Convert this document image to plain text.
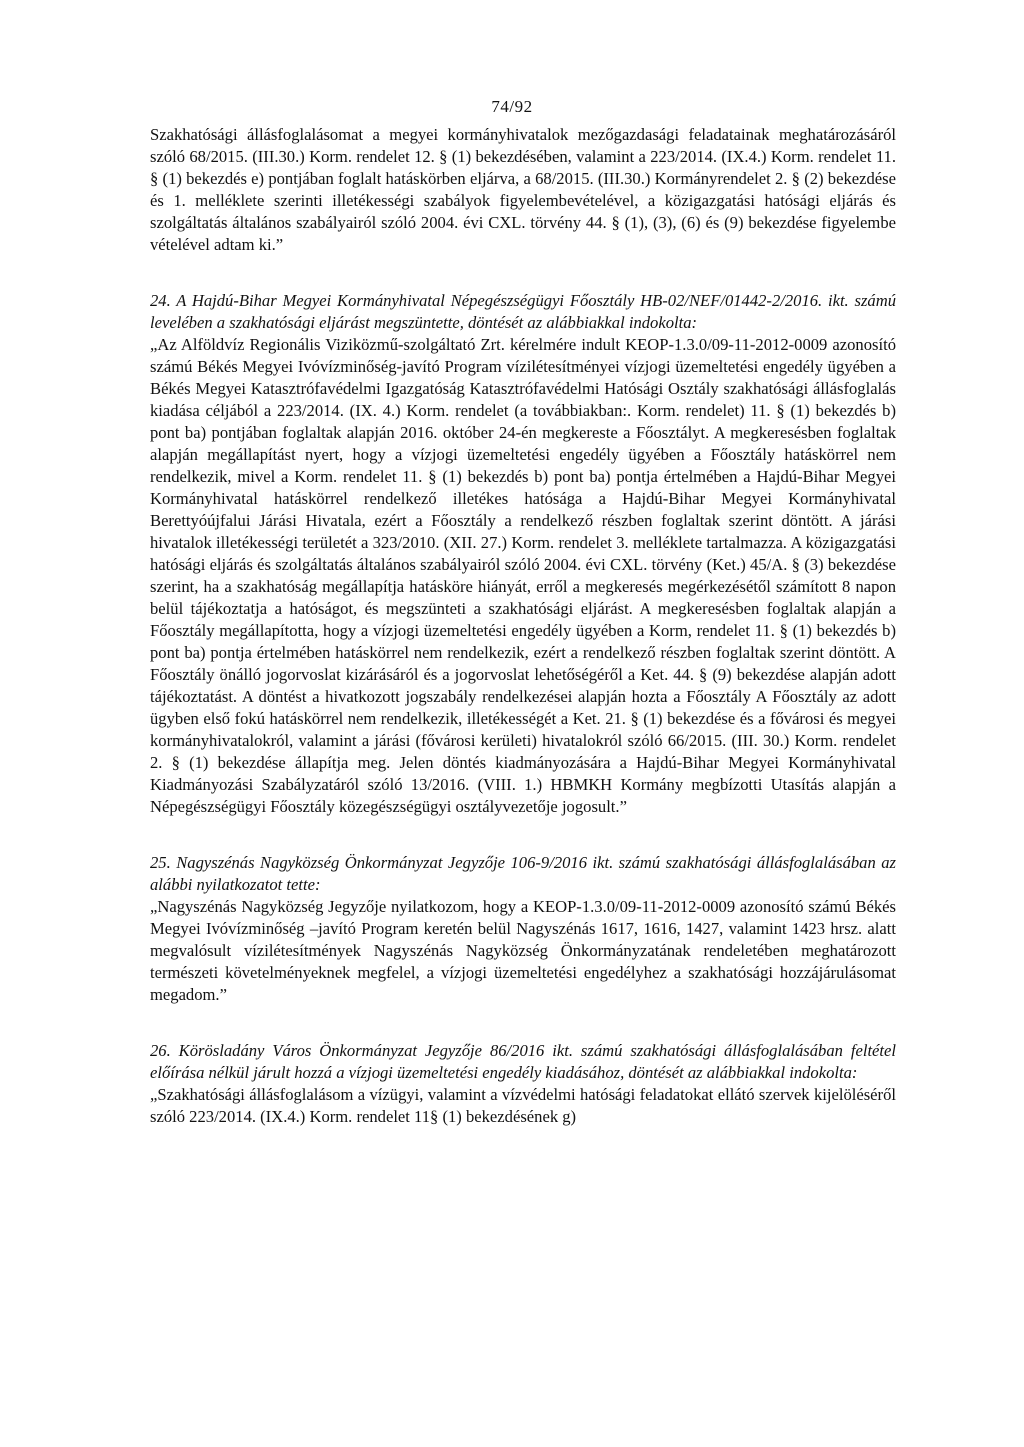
74/92

Szakhatósági állásfoglalásomat a megyei kormányhivatalok mezőgazdasági feladatainak meghatározásáról szóló 68/2015. (III.30.) Korm. rendelet 12. § (1) bekezdésében, valamint a 223/2014. (IX.4.) Korm. rendelet 11. § (1) bekezdés e) pontjában foglalt hatáskörben eljárva, a 68/2015. (III.30.) Kormányrendelet 2. § (2) bekezdése és 1. melléklete szerinti illetékességi szabályok figyelembevételével, a közigazgatási hatósági eljárás és szolgáltatás általános szabályairól szóló 2004. évi CXL. törvény 44. § (1), (3), (6) és (9) bekezdése figyelembe vételével adtam ki.”

24. A Hajdú-Bihar Megyei Kormányhivatal Népegészségügyi Főosztály HB-02/NEF/01442-2/2016. ikt. számú levelében a szakhatósági eljárást megszüntette, döntését az alábbiakkal indokolta:

„Az Alföldvíz Regionális Viziközmű-szolgáltató Zrt. kérelmére indult KEOP-1.3.0/09-11-2012-0009 azonosító számú Békés Megyei Ivóvízminőség-javító Program vízilétesítményei vízjogi üzemeltetési engedély ügyében a Békés Megyei Katasztrófavédelmi Igazgatóság Katasztrófavédelmi Hatósági Osztály szakhatósági állásfoglalás kiadása céljából a 223/2014. (IX. 4.) Korm. rendelet (a továbbiakban:. Korm. rendelet) 11. § (1) bekezdés b) pont ba) pontjában foglaltak alapján 2016. október 24-én megkereste a Főosztályt. A megkeresésben foglaltak alapján megállapítást nyert, hogy a vízjogi üzemeltetési engedély ügyében a Főosztály hatáskörrel nem rendelkezik, mivel a Korm. rendelet 11. § (1) bekezdés b) pont ba) pontja értelmében a Hajdú-Bihar Megyei Kormányhivatal hatáskörrel rendelkező illetékes hatósága a Hajdú-Bihar Megyei Kormányhivatal Berettyóújfalui Járási Hivatala, ezért a Főosztály a rendelkező részben foglaltak szerint döntött. A járási hivatalok illetékességi területét a 323/2010. (XII. 27.) Korm. rendelet 3. melléklete tartalmazza. A közigazgatási hatósági eljárás és szolgáltatás általános szabályairól szóló 2004. évi CXL. törvény (Ket.) 45/A. § (3) bekezdése szerint, ha a szakhatóság megállapítja hatásköre hiányát, erről a megkeresés megérkezésétől számított 8 napon belül tájékoztatja a hatóságot, és megszünteti a szakhatósági eljárást. A megkeresésben foglaltak alapján a Főosztály megállapította, hogy a vízjogi üzemeltetési engedély ügyében a Korm, rendelet 11. § (1) bekezdés b) pont ba) pontja értelmében hatáskörrel nem rendelkezik, ezért a rendelkező részben foglaltak szerint döntött. A Főosztály önálló jogorvoslat kizárásáról és a jogorvoslat lehetőségéről a Ket. 44. § (9) bekezdése alapján adott tájékoztatást. A döntést a hivatkozott jogszabály rendelkezései alapján hozta a Főosztály A Főosztály az adott ügyben első fokú hatáskörrel nem rendelkezik, illetékességét a Ket. 21. § (1) bekezdése és a fővárosi és megyei kormányhivatalokról, valamint a járási (fővárosi kerületi) hivatalokról szóló 66/2015. (III. 30.) Korm. rendelet 2. § (1) bekezdése állapítja meg. Jelen döntés kiadmányozására a Hajdú-Bihar Megyei Kormányhivatal Kiadmányozási Szabályzatáról szóló 13/2016. (VIII. 1.) HBMKH Kormány megbízotti Utasítás alapján a Népegészségügyi Főosztály közegészségügyi osztályvezetője jogosult.”

25. Nagyszénás Nagyközség Önkormányzat Jegyzője 106-9/2016 ikt. számú szakhatósági állásfoglalásában az alábbi nyilatkozatot tette:

„Nagyszénás Nagyközség Jegyzője nyilatkozom, hogy a KEOP-1.3.0/09-11-2012-0009 azonosító számú Békés Megyei Ivóvízminőség –javító Program keretén belül Nagyszénás 1617, 1616, 1427, valamint 1423 hrsz. alatt megvalósult vízilétesítmények Nagyszénás Nagyközség Önkormányzatának rendeletében meghatározott természeti követelményeknek megfelel, a vízjogi üzemeltetési engedélyhez a szakhatósági hozzájárulásomat megadom.”

26. Körösladány Város Önkormányzat Jegyzője 86/2016 ikt. számú szakhatósági állásfoglalásában feltétel előírása nélkül járult hozzá a vízjogi üzemeltetési engedély kiadásához, döntését az alábbiakkal indokolta:

„Szakhatósági állásfoglalásom a vízügyi, valamint a vízvédelmi hatósági feladatokat ellátó szervek kijelöléséről szóló 223/2014. (IX.4.) Korm. rendelet 11§ (1) bekezdésének g)
